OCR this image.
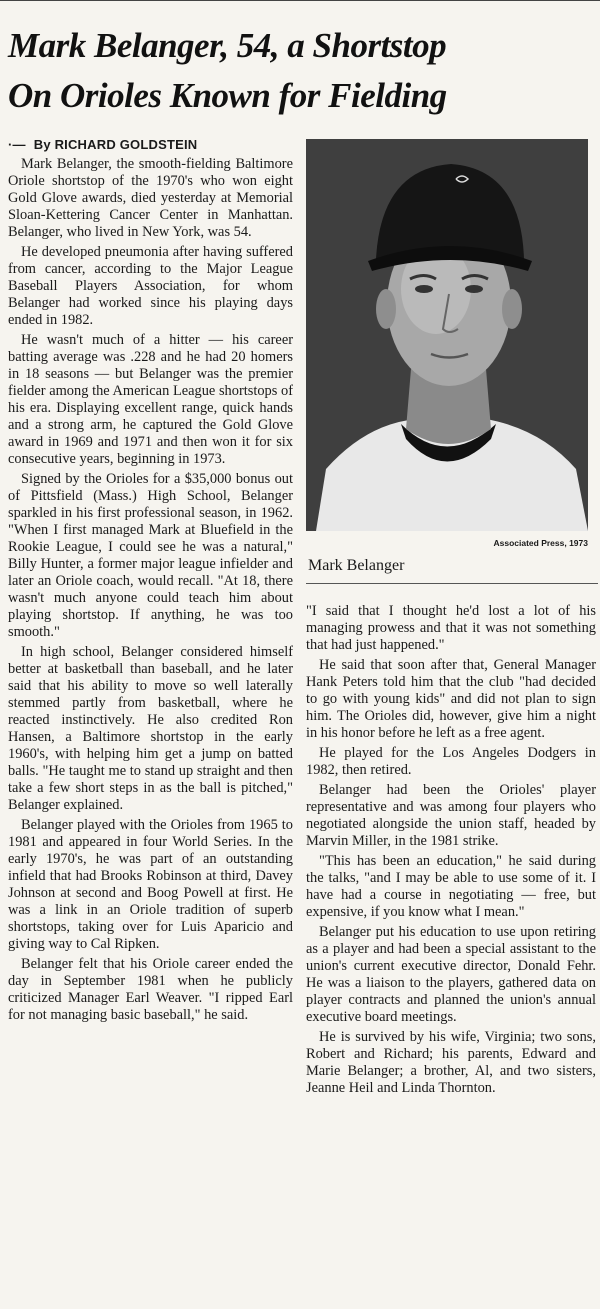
Mark Belanger, 54, a Shortstop
On Orioles Known for Fielding
·— By RICHARD GOLDSTEIN

Mark Belanger, the smooth-fielding Baltimore Oriole shortstop of the 1970's who won eight Gold Glove awards, died yesterday at Memorial Sloan-Kettering Cancer Center in Manhattan. Belanger, who lived in New York, was 54.

He developed pneumonia after having suffered from cancer, according to the Major League Baseball Players Association, for whom Belanger had worked since his playing days ended in 1982.

He wasn't much of a hitter — his career batting average was .228 and he had 20 homers in 18 seasons — but Belanger was the premier fielder among the American League shortstops of his era. Displaying excellent range, quick hands and a strong arm, he captured the Gold Glove award in 1969 and 1971 and then won it for six consecutive years, beginning in 1973.

Signed by the Orioles for a $35,000 bonus out of Pittsfield (Mass.) High School, Belanger sparkled in his first professional season, in 1962. "When I first managed Mark at Bluefield in the Rookie League, I could see he was a natural," Billy Hunter, a former major league infielder and later an Oriole coach, would recall. "At 18, there wasn't much anyone could teach him about playing shortstop. If anything, he was too smooth."

In high school, Belanger considered himself better at basketball than baseball, and he later said that his ability to move so well laterally stemmed partly from basketball, where he reacted instinctively. He also credited Ron Hansen, a Baltimore shortstop in the early 1960's, with helping him get a jump on batted balls. "He taught me to stand up straight and then take a few short steps in as the ball is pitched," Belanger explained.

Belanger played with the Orioles from 1965 to 1981 and appeared in four World Series. In the early 1970's, he was part of an outstanding infield that had Brooks Robinson at third, Davey Johnson at second and Boog Powell at first. He was a link in an Oriole tradition of superb shortstops, taking over for Luis Aparicio and giving way to Cal Ripken.

Belanger felt that his Oriole career ended the day in September 1981 when he publicly criticized Manager Earl Weaver. "I ripped Earl for not managing basic baseball," he said.

Associated Press, 1973
Mark Belanger

"I said that I thought he'd lost a lot of his managing prowess and that it was not something that had just happened."

He said that soon after that, General Manager Hank Peters told him that the club "had decided to go with young kids" and did not plan to sign him. The Orioles did, however, give him a night in his honor before he left as a free agent.

He played for the Los Angeles Dodgers in 1982, then retired.

Belanger had been the Orioles' player representative and was among four players who negotiated alongside the union staff, headed by Marvin Miller, in the 1981 strike.

"This has been an education," he said during the talks, "and I may be able to use some of it. I have had a course in negotiating — free, but expensive, if you know what I mean."

Belanger put his education to use upon retiring as a player and had been a special assistant to the union's current executive director, Donald Fehr. He was a liaison to the players, gathered data on player contracts and planned the union's annual executive board meetings.

He is survived by his wife, Virginia; two sons, Robert and Richard; his parents, Edward and Marie Belanger; a brother, Al, and two sisters, Jeanne Heil and Linda Thornton.
